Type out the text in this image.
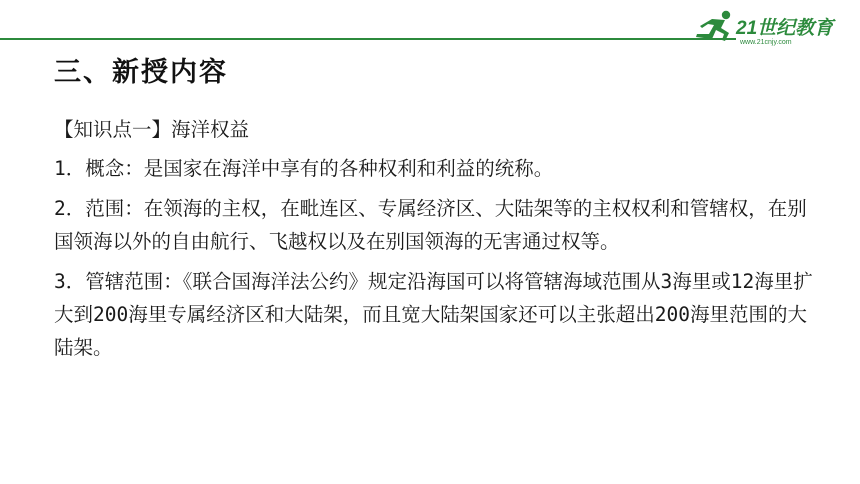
21世纪教育
www.21cnjy.com
三、新授内容

【知识点一】海洋权益

1．概念：是国家在海洋中享有的各种权利和利益的统称。

2．范围：在领海的主权，在毗连区、专属经济区、大陆架等的主权权利和管辖权，在别国领海以外的自由航行、飞越权以及在别国领海的无害通过权等。

3．管辖范围：《联合国海洋法公约》规定沿海国可以将管辖海域范围从3海里或12海里扩大到200海里专属经济区和大陆架，而且宽大陆架国家还可以主张超出200海里范围的大陆架。
